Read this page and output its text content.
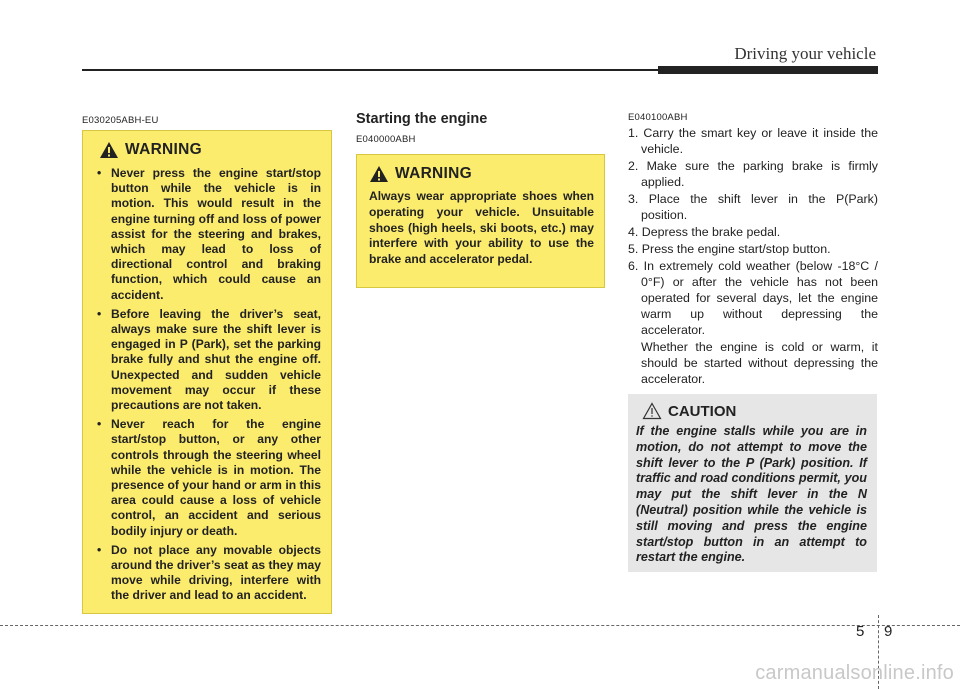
Driving your vehicle
E030205ABH-EU
WARNING
• Never press the engine start/stop button while the vehicle is in motion. This would result in the engine turning off and loss of power assist for the steering and brakes, which may lead to loss of directional control and braking function, which could cause an accident.
• Before leaving the driver’s seat, always make sure the shift lever is engaged in P (Park), set the parking brake fully and shut the engine off. Unexpected and sudden vehicle movement may occur if these precautions are not taken.
• Never reach for the engine start/stop button, or any other controls through the steering wheel while the vehicle is in motion. The presence of your hand or arm in this area could cause a loss of vehicle control, an accident and serious bodily injury or death.
• Do not place any movable objects around the driver’s seat as they may move while driving, interfere with the driver and lead to an accident.
Starting the engine
E040000ABH
WARNING
Always wear appropriate shoes when operating your vehicle. Unsuitable shoes (high heels, ski boots, etc.) may interfere with your ability to use the brake and accelerator pedal.
E040100ABH
1. Carry the smart key or leave it inside the vehicle.
2. Make sure the parking brake is firmly applied.
3. Place the shift lever in the P(Park) position.
4. Depress the brake pedal.
5. Press the engine start/stop button.
6. In extremely cold weather (below -18°C / 0°F) or after the vehicle has not been operated for several days, let the engine warm up without depressing the accelerator.
Whether the engine is cold or warm, it should be started without depressing the accelerator.
CAUTION
If the engine stalls while you are in motion, do not attempt to move the shift lever to the P (Park) position. If traffic and road conditions permit, you may put the shift lever in the N (Neutral) position while the vehicle is still moving and press the engine start/stop button in an attempt to restart the engine.
5 9
carmanualsonline.info
